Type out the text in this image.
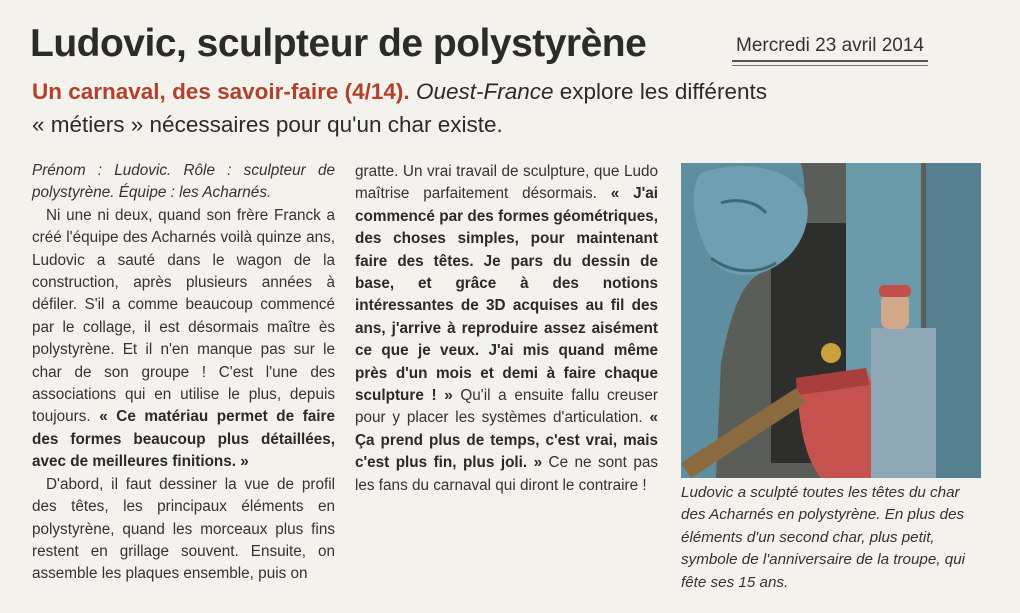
Ludovic, sculpteur de polystyrène	Mercredi 23 avril 2014
Un carnaval, des savoir-faire (4/14). Ouest-France explore les différents
« métiers » nécessaires pour qu'un char existe.

Prénom : Ludovic. Rôle : sculpteur de polystyrène. Équipe : les Acharnés.

Ni une ni deux, quand son frère Franck a créé l'équipe des Acharnés voilà quinze ans, Ludovic a sauté dans le wagon de la construction, après plusieurs années à défiler. S'il a comme beaucoup commencé par le collage, il est désormais maître ès polystyrène. Et il n'en manque pas sur le char de son groupe ! C'est l'une des associations qui en utilise le plus, depuis toujours. « Ce matériau permet de faire des formes beaucoup plus détaillées, avec de meilleures finitions. »

D'abord, il faut dessiner la vue de profil des têtes, les principaux éléments en polystyrène, quand les morceaux plus fins restent en grillage souvent. Ensuite, on assemble les plaques ensemble, puis on

Ludovic a sculpté toutes les têtes du char des Acharnés en polystyrène. En plus des éléments d'un second char, plus petit, symbole de l'anniversaire de la troupe, qui fête ses 15 ans.

gratte. Un vrai travail de sculpture, que Ludo maîtrise parfaitement désormais. « J'ai commencé par des formes géométriques, des choses simples, pour maintenant faire des têtes. Je pars du dessin de base, et grâce à des notions intéressantes de 3D acquises au fil des ans, j'arrive à reproduire assez aisément ce que je veux. J'ai mis quand même près d'un mois et demi à faire chaque sculpture ! » Qu'il a ensuite fallu creuser pour y placer les systèmes d'articulation. « Ça prend plus de temps, c'est vrai, mais c'est plus fin, plus joli. » Ce ne sont pas les fans du carnaval qui diront le contraire !
